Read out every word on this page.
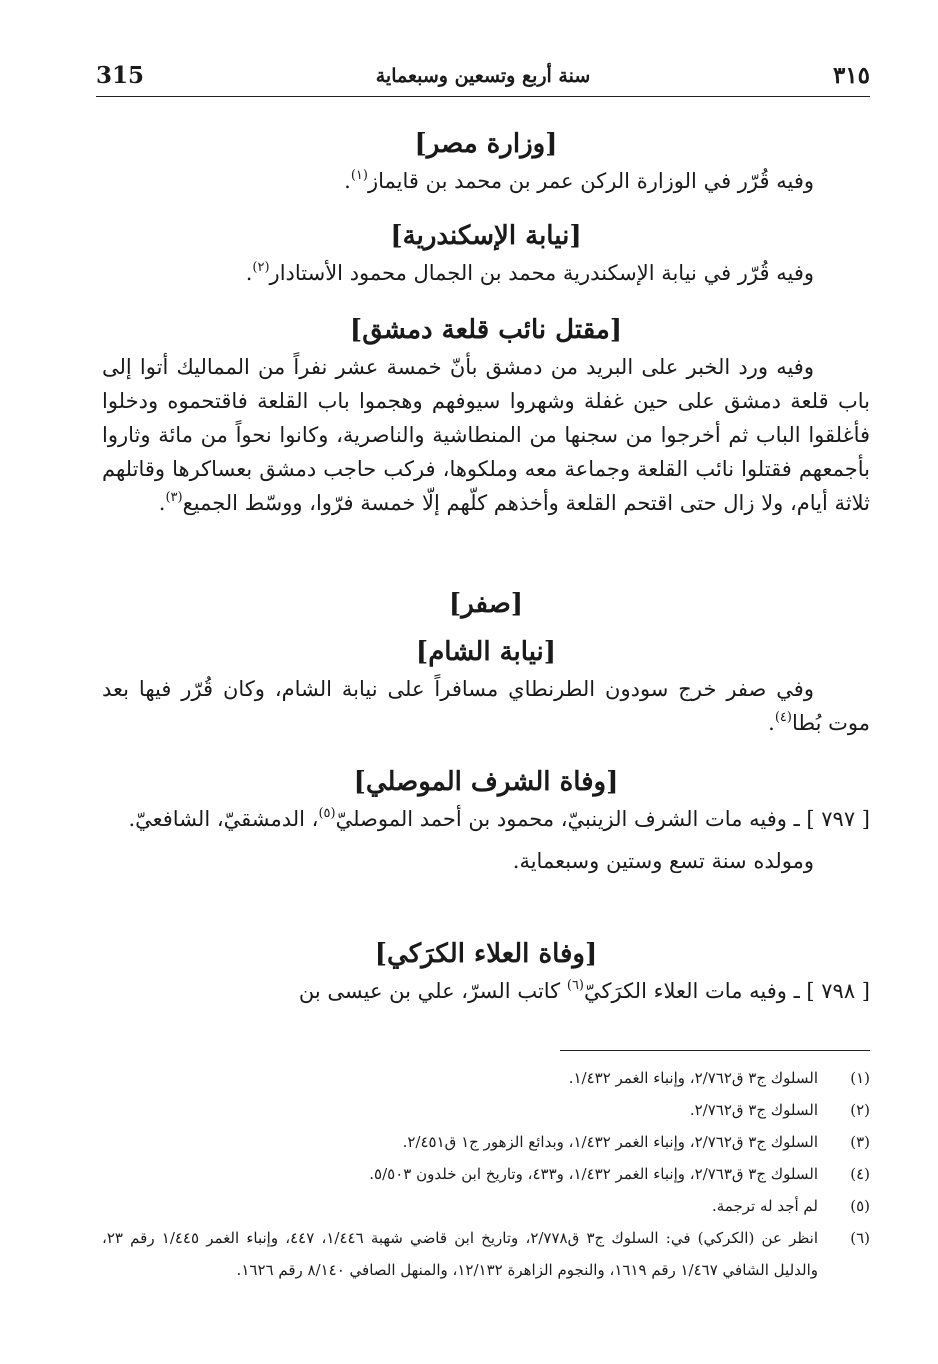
٣١٥
سنة أربع وتسعين وسبعماية
315
[وزارة مصر]
وفيه قُرّر في الوزارة الركن عمر بن محمد بن قايماز$^{(١)}$.
[نيابة الإسكندرية]
وفيه قُرّر في نيابة الإسكندرية محمد بن الجمال محمود الأستادار$^{(٢)}$.
[مقتل نائب قلعة دمشق]
وفيه ورد الخبر على البريد من دمشق بأنّ خمسة عشر نفراً من المماليك أتوا إلى باب قلعة دمشق على حين غفلة وشهروا سيوفهم وهجموا باب القلعة فاقتحموه ودخلوا فأغلقوا الباب ثم أخرجوا من سجنها من المنطاشية والناصرية، وكانوا نحواً من مائة وثاروا بأجمعهم فقتلوا نائب القلعة وجماعة معه وملكوها، فركب حاجب دمشق بعساكرها وقاتلهم ثلاثة أيام، ولا زال حتى اقتحم القلعة وأخذهم كلّهم إلّا خمسة فرّوا، ووسّط الجميع$^{(٣)}$.
[صفر]
[نيابة الشام]
وفي صفر خرج سودون الطرنطاي مسافراً على نيابة الشام، وكان قُرّر فيها بعد موت بُطا$^{(٤)}$.
[وفاة الشرف الموصلي]
[ ٧٩٧ ] ـ وفيه مات الشرف الزينبيّ، محمود بن أحمد الموصليّ$^{(٥)}$، الدمشقيّ، الشافعيّ.
ومولده سنة تسع وستين وسبعماية.
[وفاة العلاء الكرَكي]
[ ٧٩٨ ] ـ وفيه مات العلاء الكرَكيّ$^{(٦)}$ كاتب السرّ، علي بن عيسى بن
(١)
السلوك ج٣ ق٢/٧٦٢، وإنباء الغمر ١/٤٣٢.
(٢)
السلوك ج٣ ق٢/٧٦٢.
(٣)
السلوك ج٣ ق٢/٧٦٢، وإنباء الغمر ١/٤٣٢، وبدائع الزهور ج١ ق٢/٤٥١.
(٤)
السلوك ج٣ ق٢/٧٦٣، وإنباء الغمر ١/٤٣٢، و٤٣٣، وتاريخ ابن خلدون ٥/٥٠٣.
(٥)
لم أجد له ترجمة.
(٦)
انظر عن (الكركي) في: السلوك ج٣ ق٢/٧٧٨، وتاريخ ابن قاضي شهبة ١/٤٤٦، ٤٤٧، وإنباء الغمر ١/٤٤٥ رقم ٢٣، والدليل الشافي ١/٤٦٧ رقم ١٦١٩، والنجوم الزاهرة ١٢/١٣٢، والمنهل الصافي ٨/١٤٠ رقم ١٦٢٦.
